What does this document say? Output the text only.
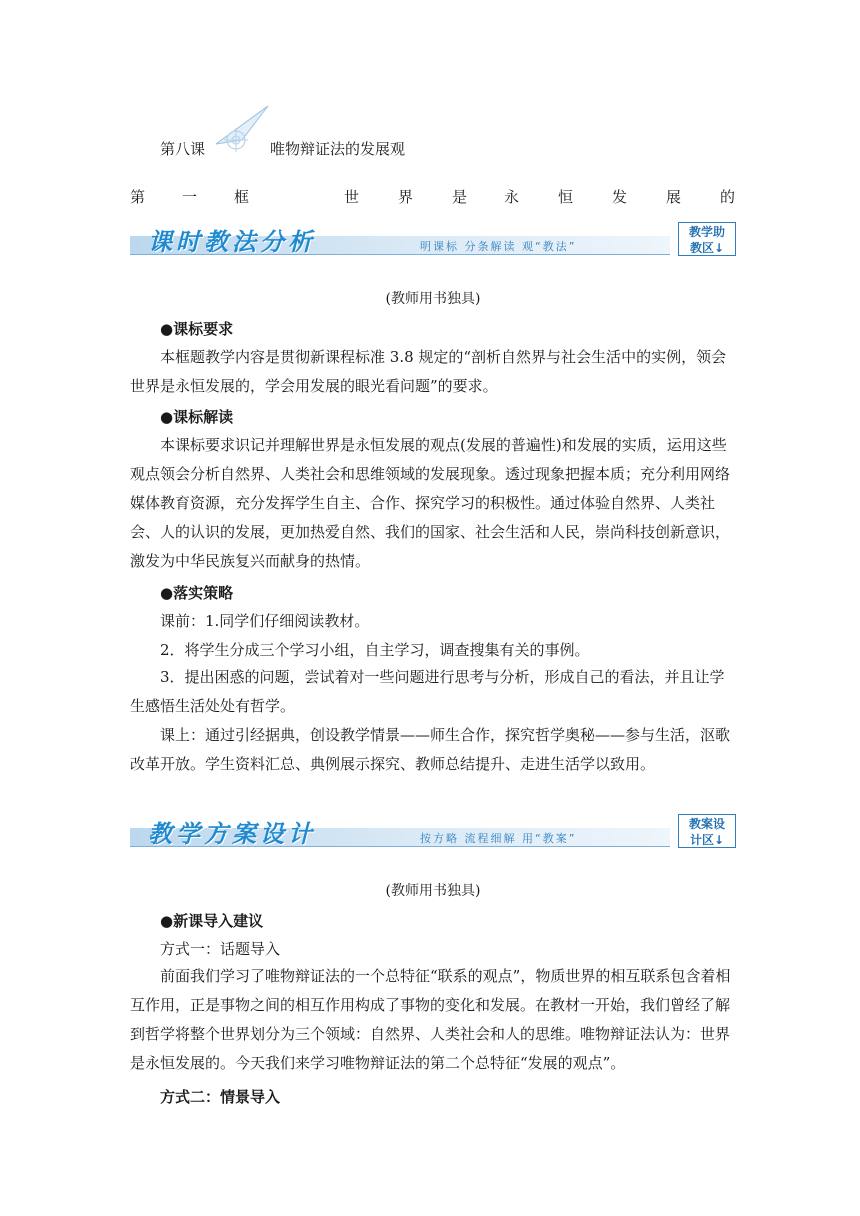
第八课	唯物辩证法的发展观
第 一 框	世	界	是 永	恒	发	展	的
课时教法分析	明课标 分条解读 观“教法”
教学助
教区↓
(教师用书独具)
●课标要求

本框题教学内容是贯彻新课程标准 3.8 规定的“剖析自然界与社会生活中的实例，领会世界是永恒发展的，学会用发展的眼光看问题”的要求。

●课标解读

本课标要求识记并理解世界是永恒发展的观点(发展的普遍性)和发展的实质，运用这些观点领会分析自然界、人类社会和思维领域的发展现象。透过现象把握本质；充分利用网络媒体教育资源，充分发挥学生自主、合作、探究学习的积极性。通过体验自然界、人类社会、人的认识的发展，更加热爱自然、我们的国家、社会生活和人民，崇尚科技创新意识，激发为中华民族复兴而献身的热情。

●落实策略
课前：1.同学们仔细阅读教材。
2．将学生分成三个学习小组，自主学习，调查搜集有关的事例。

3．提出困惑的问题，尝试着对一些问题进行思考与分析，形成自己的看法，并且让学生感悟生活处处有哲学。

课上：通过引经据典，创设教学情景——师生合作，探究哲学奥秘——参与生活，沤歌改革开放。学生资料汇总、典例展示探究、教师总结提升、走进生活学以致用。

教学方案设计	按方略 流程细解 用“教案”
教案设
计区↓
(教师用书独具)
●新课导入建议
方式一：话题导入

前面我们学习了唯物辩证法的一个总特征“联系的观点”，物质世界的相互联系包含着相互作用，正是事物之间的相互作用构成了事物的变化和发展。在教材一开始，我们曾经了解到哲学将整个世界划分为三个领域：自然界、人类社会和人的思维。唯物辩证法认为：世界是永恒发展的。今天我们来学习唯物辩证法的第二个总特征“发展的观点”。

方式二：情景导入
